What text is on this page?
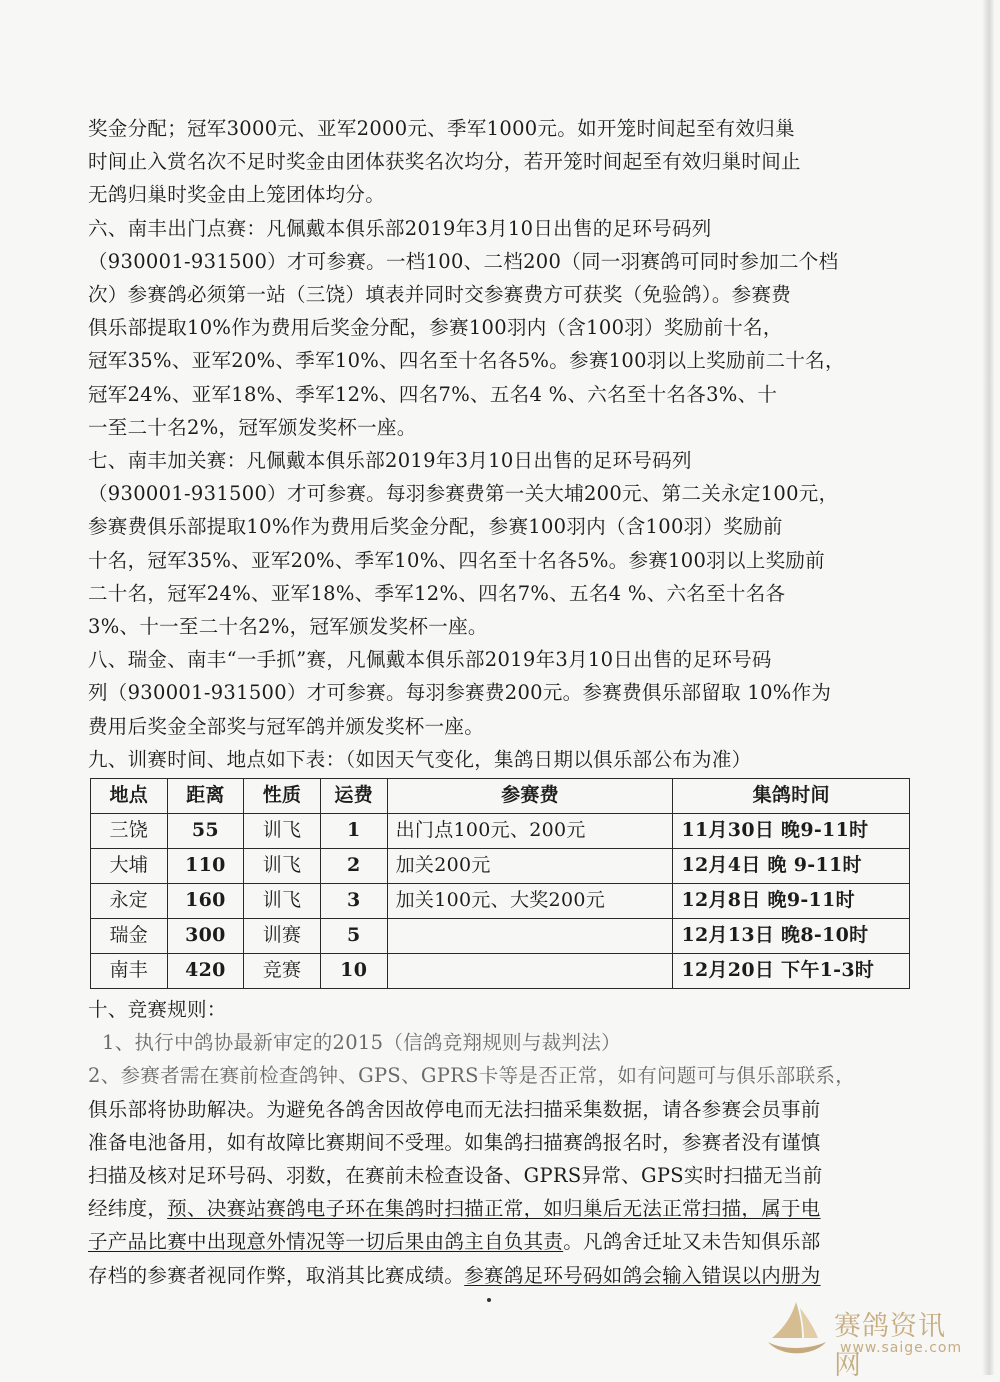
奖金分配；冠军3000元、亚军2000元、季军1000元。如开笼时间起至有效归巢

时间止入赏名次不足时奖金由团体获奖名次均分，若开笼时间起至有效归巢时间止

无鸽归巢时奖金由上笼团体均分。

六、南丰出门点赛：凡佩戴本俱乐部2019年3月10日出售的足环号码列

（930001-931500）才可参赛。一档100、二档200（同一羽赛鸽可同时参加二个档

次）参赛鸽必须第一站（三饶）填表并同时交参赛费方可获奖（免验鸽）。参赛费

俱乐部提取10%作为费用后奖金分配，参赛100羽内（含100羽）奖励前十名，

冠军35%、亚军20%、季军10%、四名至十名各5%。参赛100羽以上奖励前二十名，

冠军24%、亚军18%、季军12%、四名7%、五名4 %、六名至十名各3%、十

一至二十名2%，冠军颁发奖杯一座。

七、南丰加关赛：凡佩戴本俱乐部2019年3月10日出售的足环号码列

（930001-931500）才可参赛。每羽参赛费第一关大埔200元、第二关永定100元，

参赛费俱乐部提取10%作为费用后奖金分配，参赛100羽内（含100羽）奖励前

十名，冠军35%、亚军20%、季军10%、四名至十名各5%。参赛100羽以上奖励前

二十名，冠军24%、亚军18%、季军12%、四名7%、五名4 %、六名至十名各

3%、十一至二十名2%，冠军颁发奖杯一座。

八、瑞金、南丰“一手抓”赛，凡佩戴本俱乐部2019年3月10日出售的足环号码

列（930001-931500）才可参赛。每羽参赛费200元。参赛费俱乐部留取 10%作为

费用后奖金全部奖与冠军鸽并颁发奖杯一座。

九、训赛时间、地点如下表：（如因天气变化，集鸽日期以俱乐部公布为准）

地点	距离	性质	运费	参赛费	集鸽时间
三饶	55	训飞	1	出门点100元、200元	11月30日 晚9-11时
大埔	110	训飞	2	加关200元	12月4日 晚 9-11时
永定	160	训飞	3	加关100元、大奖200元	12月8日 晚9-11时
瑞金	300	训赛	5		12月13日 晚8-10时
南丰	420	竞赛	10		12月20日 下午1-3时

十、竞赛规则：

1、执行中鸽协最新审定的2015（信鸽竞翔规则与裁判法）

2、参赛者需在赛前检查鸽钟、GPS、GPRS卡等是否正常，如有问题可与俱乐部联系，

俱乐部将协助解决。为避免各鸽舍因故停电而无法扫描采集数据，请各参赛会员事前

准备电池备用，如有故障比赛期间不受理。如集鸽扫描赛鸽报名时，参赛者没有谨慎

扫描及核对足环号码、羽数，在赛前未检查设备、GPRS异常、GPS实时扫描无当前

经纬度，预、决赛站赛鸽电子环在集鸽时扫描正常，如归巢后无法正常扫描，属于电

子产品比赛中出现意外情况等一切后果由鸽主自负其责。凡鸽舍迁址又未告知俱乐部

存档的参赛者视同作弊，取消其比赛成绩。参赛鸽足环号码如鸽会输入错误以内册为

赛鸽资讯网
www.saige.com
